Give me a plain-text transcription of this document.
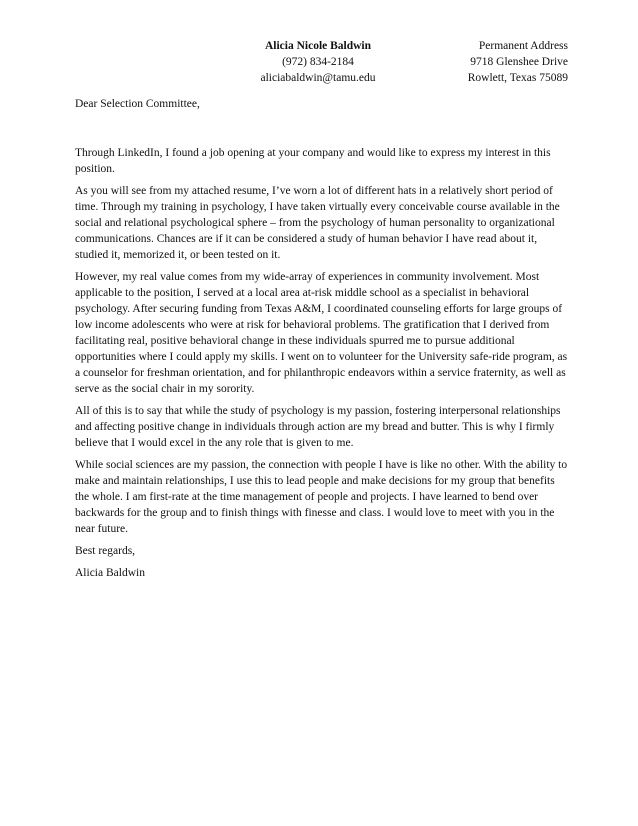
Alicia Nicole Baldwin
(972) 834-2184
aliciabaldwin@tamu.edu
Permanent Address
9718 Glenshee Drive
Rowlett, Texas 75089
Dear Selection Committee,

Through LinkedIn, I found a job opening at your company and would like to express my interest in this position.

As you will see from my attached resume, I’ve worn a lot of different hats in a relatively short period of time. Through my training in psychology, I have taken virtually every conceivable course available in the social and relational psychological sphere – from the psychology of human personality to organizational communications. Chances are if it can be considered a study of human behavior I have read about it, studied it, memorized it, or been tested on it.

However, my real value comes from my wide-array of experiences in community involvement. Most applicable to the position, I served at a local area at-risk middle school as a specialist in behavioral psychology. After securing funding from Texas A&M, I coordinated counseling efforts for large groups of low income adolescents who were at risk for behavioral problems. The gratification that I derived from facilitating real, positive behavioral change in these individuals spurred me to pursue additional opportunities where I could apply my skills. I went on to volunteer for the University safe-ride program, as a counselor for freshman orientation, and for philanthropic endeavors within a service fraternity, as well as serve as the social chair in my sorority.

All of this is to say that while the study of psychology is my passion, fostering interpersonal relationships and affecting positive change in individuals through action are my bread and butter. This is why I firmly believe that I would excel in the any role that is given to me.

While social sciences are my passion, the connection with people I have is like no other. With the ability to make and maintain relationships, I use this to lead people and make decisions for my group that benefits the whole. I am first-rate at the time management of people and projects. I have learned to bend over backwards for the group and to finish things with finesse and class. I would love to meet with you in the near future.

Best regards,

Alicia Baldwin
